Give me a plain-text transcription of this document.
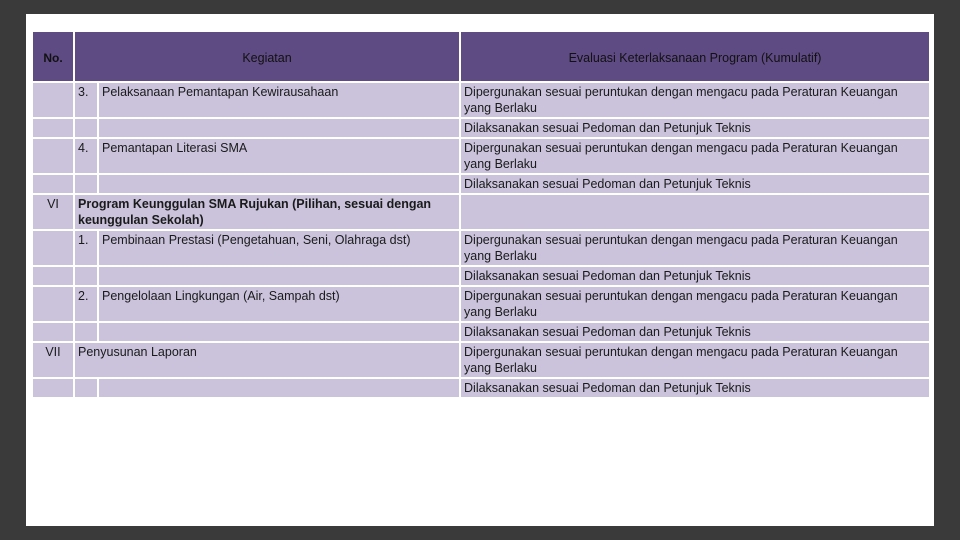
No.	Kegiatan		Evaluasi Keterlaksanaan Program (Kumulatif)
	3.	Pelaksanaan Pemantapan Kewirausahaan	Dipergunakan sesuai peruntukan dengan mengacu pada Peraturan Keuangan yang Berlaku
			Dilaksanakan sesuai Pedoman dan Petunjuk Teknis
	4.	Pemantapan Literasi SMA	Dipergunakan sesuai peruntukan dengan mengacu pada Peraturan Keuangan yang Berlaku
			Dilaksanakan sesuai Pedoman dan Petunjuk Teknis
VI	Program Keunggulan SMA Rujukan (Pilihan, sesuai dengan keunggulan Sekolah)		
	1.	Pembinaan Prestasi (Pengetahuan, Seni, Olahraga dst)	Dipergunakan sesuai peruntukan dengan mengacu pada Peraturan Keuangan yang Berlaku
			Dilaksanakan sesuai Pedoman dan Petunjuk Teknis
	2.	Pengelolaan Lingkungan (Air, Sampah dst)	Dipergunakan sesuai peruntukan dengan mengacu pada Peraturan Keuangan yang Berlaku
			Dilaksanakan sesuai Pedoman dan Petunjuk Teknis
VII	Penyusunan Laporan		Dipergunakan sesuai peruntukan dengan mengacu pada Peraturan Keuangan yang Berlaku
			Dilaksanakan sesuai Pedoman dan Petunjuk Teknis
